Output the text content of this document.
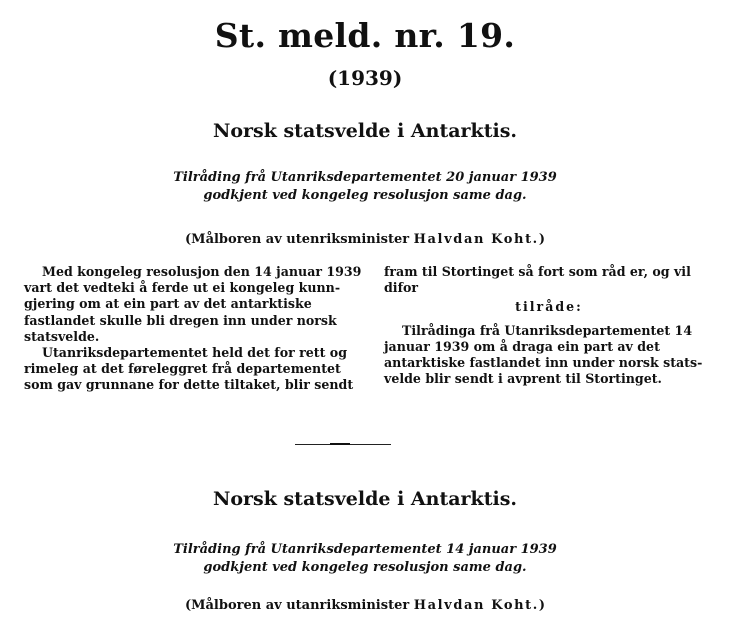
St. meld. nr. 19.
(1939)
Norsk statsvelde i Antarktis.
Tilråding frå Utanriksdepartementet 20 januar 1939
godkjent ved kongeleg resolusjon same dag.
(Målboren av utenriksminister Halvdan Koht.)

Med kongeleg resolusjon den 14 januar 1939

vart det vedteki å ferde ut ei kongeleg kunn-

gjering om at ein part av det antarktiske

fastlandet skulle bli dregen inn under norsk

statsvelde.

Utanriksdepartementet held det for rett og

rimeleg at det føreleggret frå departementet

som gav grunnane for dette tiltaket, blir sendt

fram til Stortinget så fort som råd er, og vil

difor

tilråde:

Tilrådinga frå Utanriksdepartementet 14

januar 1939 om å draga ein part av det

antarktiske fastlandet inn under norsk stats-

velde blir sendt i avprent til Stortinget.

Norsk statsvelde i Antarktis.
Tilråding frå Utanriksdepartementet 14 januar 1939
godkjent ved kongeleg resolusjon same dag.
(Målboren av utanriksminister Halvdan Koht.)
